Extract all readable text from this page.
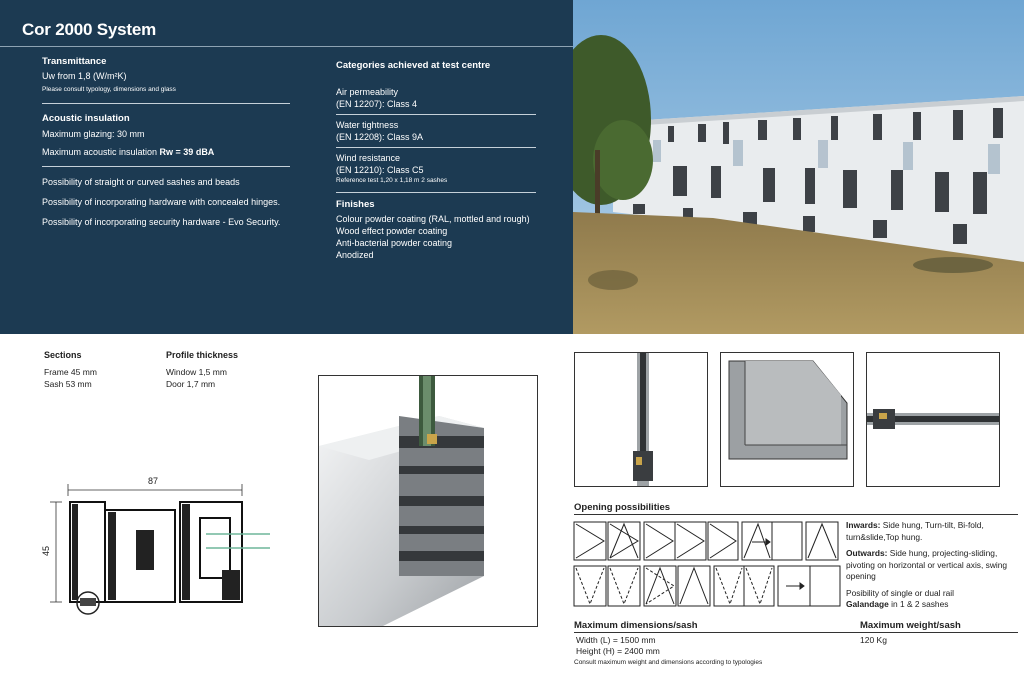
Cor 2000 System
Transmittance
Uw from 1,8 (W/m²K)
Please consult typology, dimensions and glass
Acoustic insulation
Maximum glazing: 30 mm
Maximum acoustic insulation Rw = 39 dBA
Possibility of straight or curved sashes and beads
Possibility of incorporating hardware with concealed hinges.
Possibility of incorporating security hardware - Evo Security.
Categories achieved at test centre
Air permeability
(EN 12207): Class 4
Water tightness
(EN 12208): Class 9A
Wind resistance
(EN 12210): Class C5
Reference test 1,20 x 1,18 m 2 sashes
Finishes
Colour powder coating (RAL, mottled and rough)
Wood effect powder coating
Anti-bacterial powder coating
Anodized
Sections
Frame 45 mm
Sash 53 mm
Profile thickness
Window 1,5 mm
Door 1,7 mm
87
45
Opening possibilities
Inwards: Side hung, Turn-tilt, Bi-fold, turn&slide,Top hung.
Outwards: Side hung, projecting-sliding, pivoting on horizontal or vertical axis, swing opening
Posibility of single or dual rail
Galandage in 1 & 2 sashes
Maximum dimensions/sash	Maximum weight/sash
Width (L) = 1500 mm
Height (H) = 2400 mm
Consult maximum weight and dimensions according to typologies
120 Kg
